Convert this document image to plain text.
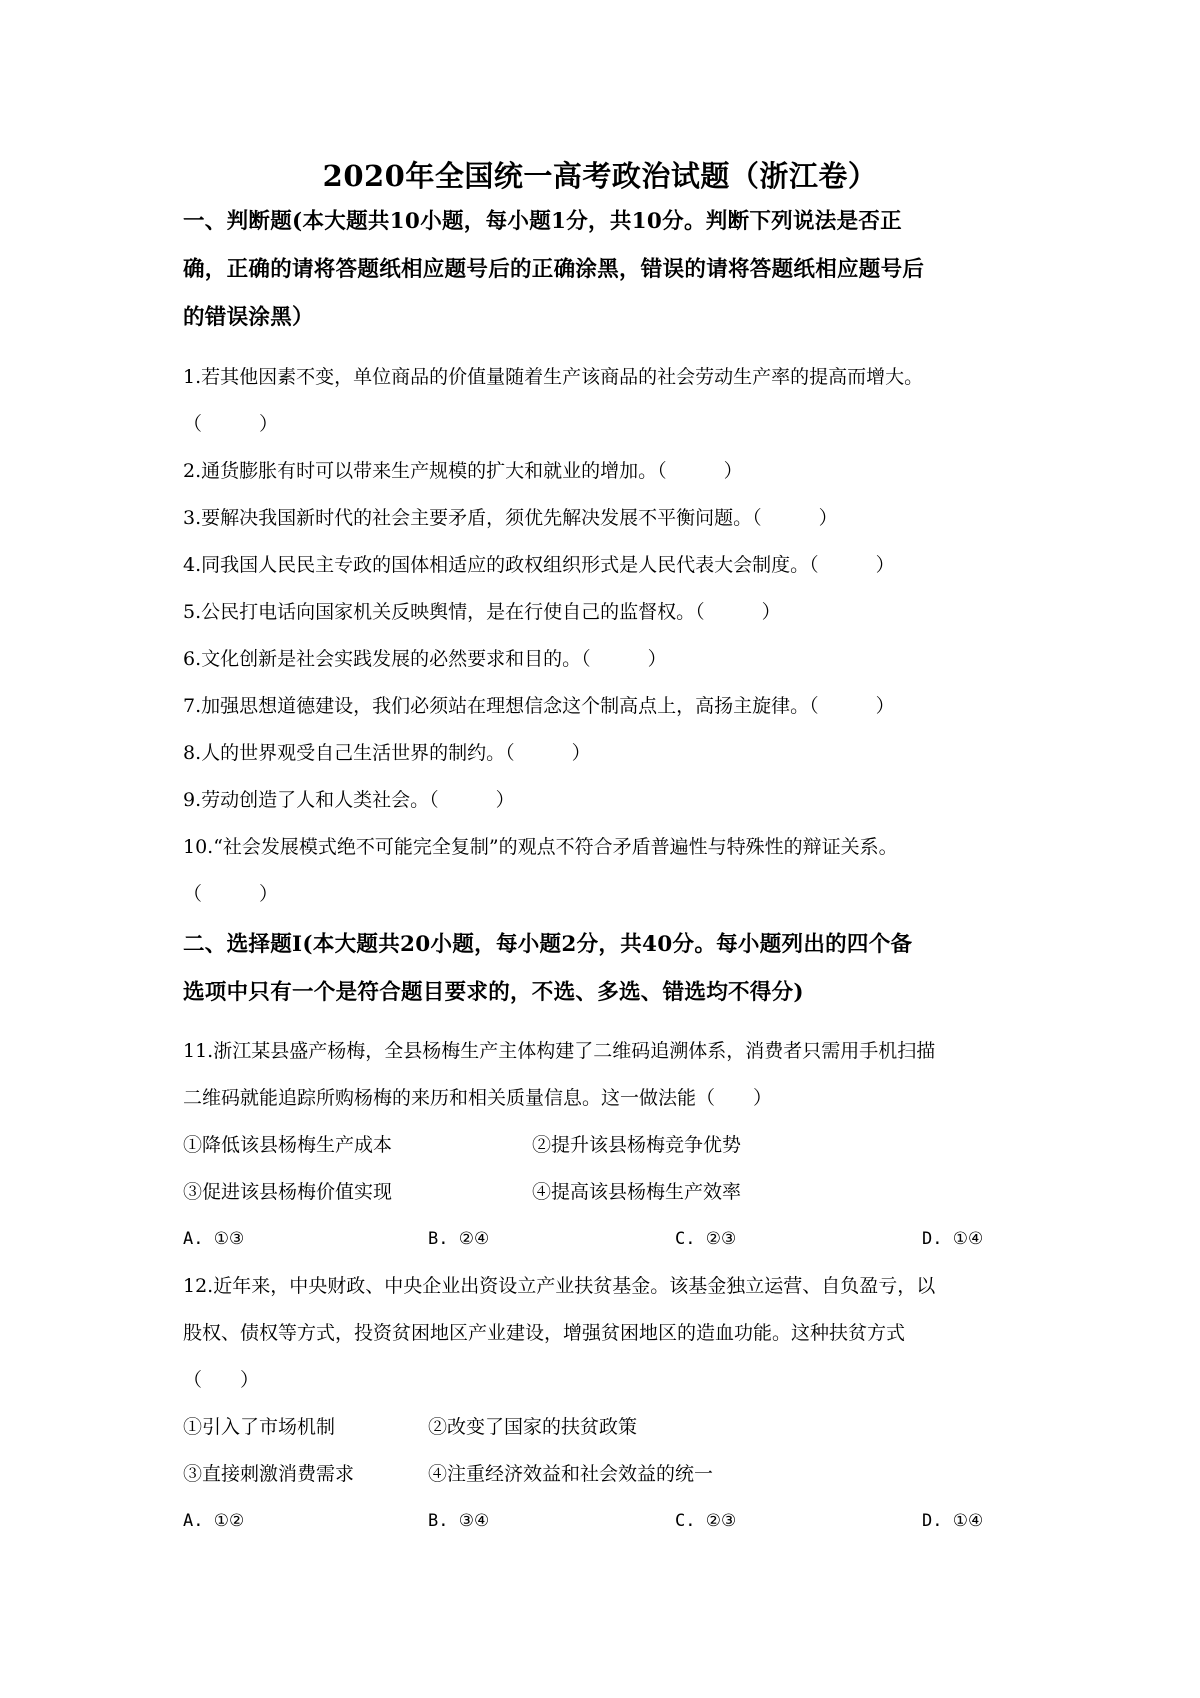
2020年全国统一高考政治试题（浙江卷）
一、判断题(本大题共10小题，每小题1分，共10分。判断下列说法是否正
确，正确的请将答题纸相应题号后的正确涂黑，错误的请将答题纸相应题号后
的错误涂黑）
1.若其他因素不变，单位商品的价值量随着生产该商品的社会劳动生产率的提高而增大。
（　　　）
2.通货膨胀有时可以带来生产规模的扩大和就业的增加。（　　　）
3.要解决我国新时代的社会主要矛盾，须优先解决发展不平衡问题。（　　　）
4.同我国人民民主专政的国体相适应的政权组织形式是人民代表大会制度。（　　　）
5.公民打电话向国家机关反映舆情，是在行使自己的监督权。（　　　）
6.文化创新是社会实践发展的必然要求和目的。（　　　）
7.加强思想道德建设，我们必须站在理想信念这个制高点上，高扬主旋律。（　　　）
8.人的世界观受自己生活世界的制约。（　　　）
9.劳动创造了人和人类社会。（　　　）
10.“社会发展模式绝不可能完全复制”的观点不符合矛盾普遍性与特殊性的辩证关系。
（　　　）
二、选择题Ⅰ(本大题共20小题，每小题2分，共40分。每小题列出的四个备
选项中只有一个是符合题目要求的，不选、多选、错选均不得分)
11.浙江某县盛产杨梅，全县杨梅生产主体构建了二维码追溯体系，消费者只需用手机扫描
二维码就能追踪所购杨梅的来历和相关质量信息。这一做法能（　　）
①降低该县杨梅生产成本	②提升该县杨梅竞争优势
③促进该县杨梅价值实现	④提高该县杨梅生产效率
A. ①③	B. ②④	C. ②③	D. ①④
12.近年来，中央财政、中央企业出资设立产业扶贫基金。该基金独立运营、自负盈亏，以
股权、债权等方式，投资贫困地区产业建设，增强贫困地区的造血功能。这种扶贫方式
（　　）
①引入了市场机制	②改变了国家的扶贫政策
③直接刺激消费需求	④注重经济效益和社会效益的统一
A. ①②	B. ③④	C. ②③	D. ①④
